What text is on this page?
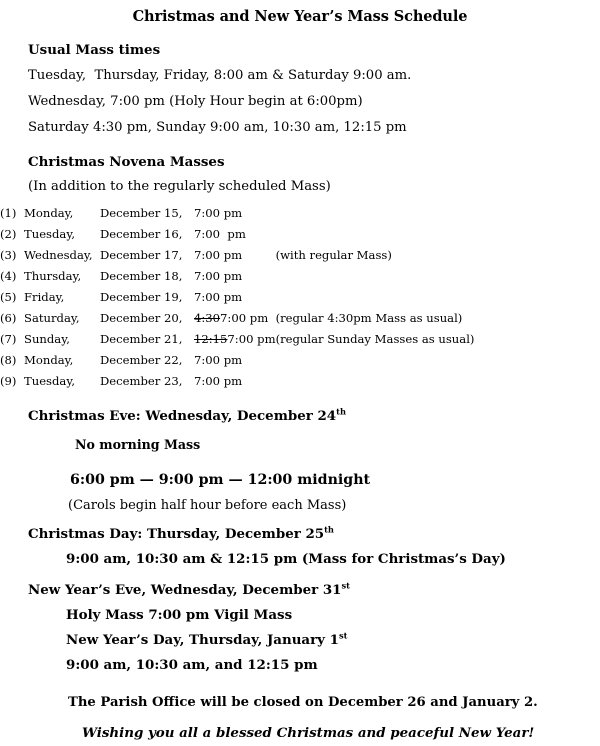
Christmas and New Year’s Mass Schedule
Usual Mass times
Tuesday,  Thursday, Friday, 8:00 am & Saturday 9:00 am.
Wednesday, 7:00 pm (Holy Hour begin at 6:00pm)
Saturday 4:30 pm, Sunday 9:00 am, 10:30 am, 12:15 pm
Christmas Novena Masses
(In addition to the regularly scheduled Mass)
(1)	Monday,	December 15,	7:00 pm	
(2)	Tuesday,	December 16,	7:00  pm	
(3)	Wednesday,	December 17,	7:00 pm	(with regular Mass)
(4)	Thursday,	December 18,	7:00 pm	
(5)	Friday,	December 19,	7:00 pm	
(6)	Saturday,	December 20,	4:307:00 pm	(regular 4:30pm Mass as usual)
(7)	Sunday,	December 21,	12:157:00 pm	(regular Sunday Masses as usual)
(8)	Monday,	December 22,	7:00 pm	
(9)	Tuesday,	December 23,	7:00 pm	
Christmas Eve: Wednesday, December 24th
No morning Mass
6:00 pm — 9:00 pm — 12:00 midnight
(Carols begin half hour before each Mass)
Christmas Day: Thursday, December 25th
9:00 am, 10:30 am & 12:15 pm (Mass for Christmas’s Day)
New Year’s Eve, Wednesday, December 31st
Holy Mass 7:00 pm Vigil Mass
New Year’s Day, Thursday, January 1st
9:00 am, 10:30 am, and 12:15 pm
The Parish Office will be closed on December 26 and January 2.
Wishing you all a blessed Christmas and peaceful New Year!
